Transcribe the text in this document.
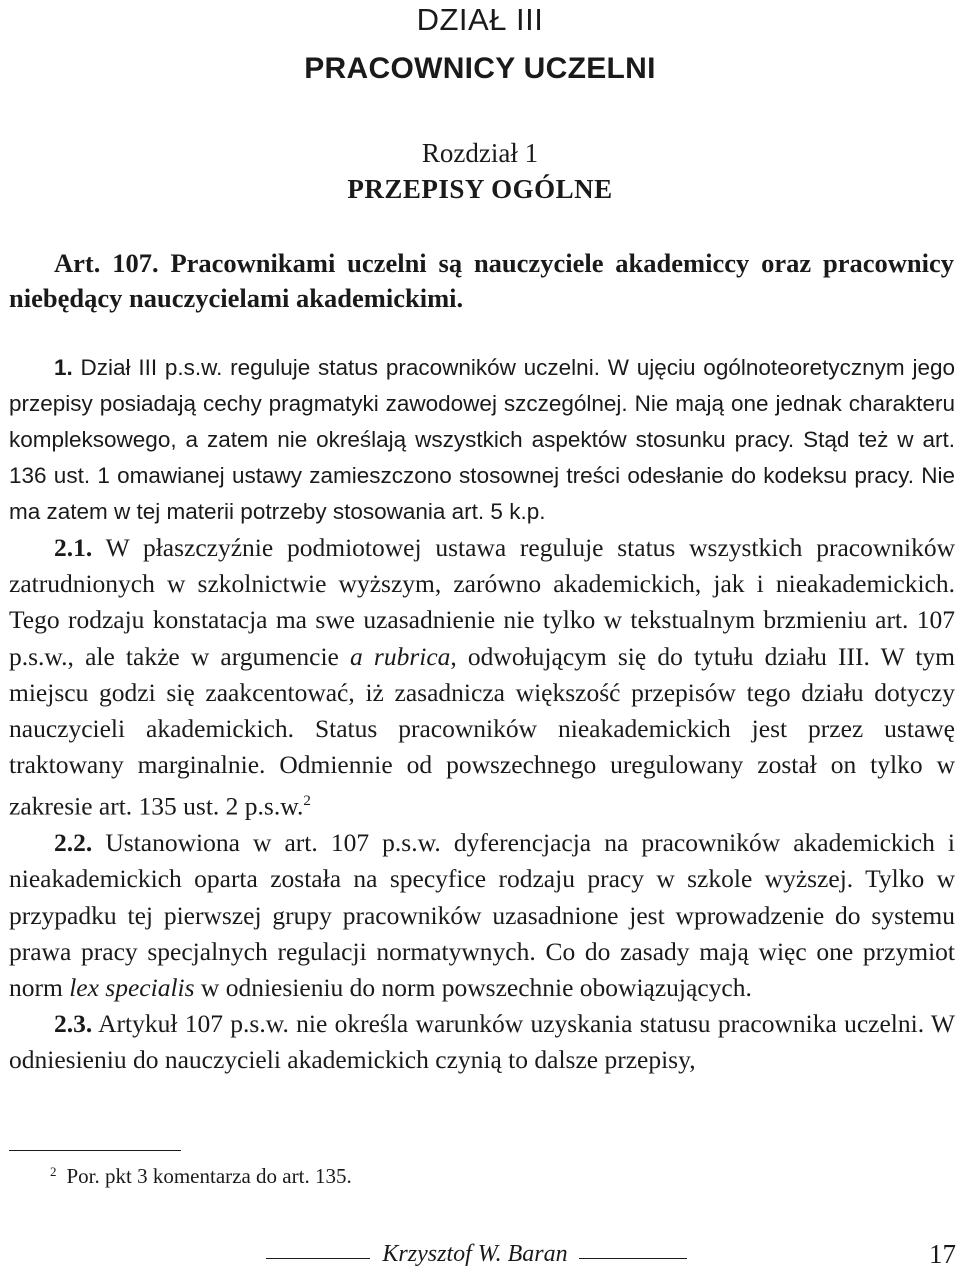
DZIAŁ III
PRACOWNICY UCZELNI
Rozdział 1
PRZEPISY OGÓLNE

Art. 107. Pracownikami uczelni są nauczyciele akademiccy oraz pracownicy niebędący nauczycielami akademickimi.

1. Dział III p.s.w. reguluje status pracowników uczelni. W ujęciu ogólnoteoretycznym jego przepisy posiadają cechy pragmatyki zawodowej szczególnej. Nie mają one jednak charakteru kompleksowego, a zatem nie określają wszystkich aspektów stosunku pracy. Stąd też w art. 136 ust. 1 omawianej ustawy zamieszczono stosownej treści odesłanie do kodeksu pracy. Nie ma zatem w tej materii potrzeby stosowania art. 5 k.p.

2.1. W płaszczyźnie podmiotowej ustawa reguluje status wszystkich pracowników zatrudnionych w szkolnictwie wyższym, zarówno akademickich, jak i nieakademickich. Tego rodzaju konstatacja ma swe uzasadnienie nie tylko w tekstualnym brzmieniu art. 107 p.s.w., ale także w argumencie a rubrica, odwołującym się do tytułu działu III. W tym miejscu godzi się zaakcentować, iż zasadnicza większość przepisów tego działu dotyczy nauczycieli akademickich. Status pracowników nieakademickich jest przez ustawę traktowany marginalnie. Odmiennie od powszechnego uregulowany został on tylko w zakresie art. 135 ust. 2 p.s.w.$^2$

2.2. Ustanowiona w art. 107 p.s.w. dyferencjacja na pracowników akademickich i nieakademickich oparta została na specyfice rodzaju pracy w szkole wyższej. Tylko w przypadku tej pierwszej grupy pracowników uzasadnione jest wprowadzenie do systemu prawa pracy specjalnych regulacji normatywnych. Co do zasady mają więc one przymiot norm lex specialis w odniesieniu do norm powszechnie obowiązujących.

2.3. Artykuł 107 p.s.w. nie określa warunków uzyskania statusu pracownika uczelni. W odniesieniu do nauczycieli akademickich czynią to dalsze przepisy,

$^2$ Por. pkt 3 komentarza do art. 135.

Krzysztof W. Baran	17
